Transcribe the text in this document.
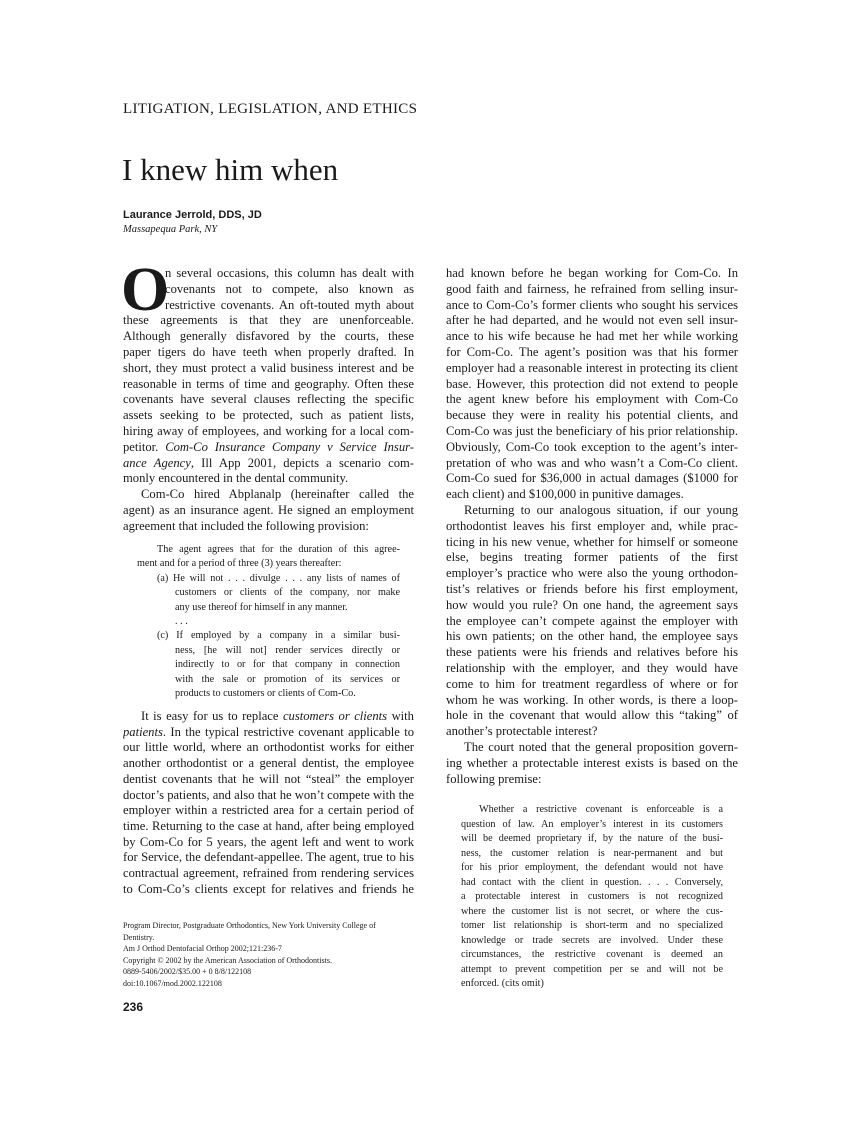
LITIGATION, LEGISLATION, AND ETHICS
I knew him when
Laurance Jerrold, DDS, JD
Massapequa Park, NY
O
n several occasions, this column has dealt with
covenants not to compete, also known as
restrictive covenants. An oft-touted myth about
these agreements is that they are unenforceable.
Although generally disfavored by the courts, these
paper tigers do have teeth when properly drafted. In
short, they must protect a valid business interest and be
reasonable in terms of time and geography. Often these
covenants have several clauses reflecting the specific
assets seeking to be protected, such as patient lists,
hiring away of employees, and working for a local com-
petitor. Com-Co Insurance Company v Service Insur-
ance Agency, Ill App 2001, depicts a scenario com-
monly encountered in the dental community.
Com-Co hired Abplanalp (hereinafter called the
agent) as an insurance agent. He signed an employment
agreement that included the following provision:
The agent agrees that for the duration of this agree-
ment and for a period of three (3) years thereafter:
(a) He will not . . . divulge . . . any lists of names of
customers or clients of the company, nor make
any use thereof for himself in any manner.
. . .
(c) If employed by a company in a similar busi-
ness, [he will not] render services directly or
indirectly to or for that company in connection
with the sale or promotion of its services or
products to customers or clients of Com-Co.
It is easy for us to replace customers or clients with
patients. In the typical restrictive covenant applicable to
our little world, where an orthodontist works for either
another orthodontist or a general dentist, the employee
dentist covenants that he will not “steal” the employer
doctor’s patients, and also that he won’t compete with the
employer within a restricted area for a certain period of
time. Returning to the case at hand, after being employed
by Com-Co for 5 years, the agent left and went to work
for Service, the defendant-appellee. The agent, true to his
contractual agreement, refrained from rendering services
to Com-Co’s clients except for relatives and friends he
Program Director, Postgraduate Orthodontics, New York University College of
Dentistry.
Am J Orthod Dentofacial Orthop 2002;121:236-7
Copyright © 2002 by the American Association of Orthodontists.
0889-5406/2002/$35.00 + 0 8/8/122108
doi:10.1067/mod.2002.122108
had known before he began working for Com-Co. In
good faith and fairness, he refrained from selling insur-
ance to Com-Co’s former clients who sought his services
after he had departed, and he would not even sell insur-
ance to his wife because he had met her while working
for Com-Co. The agent’s position was that his former
employer had a reasonable interest in protecting its client
base. However, this protection did not extend to people
the agent knew before his employment with Com-Co
because they were in reality his potential clients, and
Com-Co was just the beneficiary of his prior relationship.
Obviously, Com-Co took exception to the agent’s inter-
pretation of who was and who wasn’t a Com-Co client.
Com-Co sued for $36,000 in actual damages ($1000 for
each client) and $100,000 in punitive damages.
Returning to our analogous situation, if our young
orthodontist leaves his first employer and, while prac-
ticing in his new venue, whether for himself or someone
else, begins treating former patients of the first
employer’s practice who were also the young orthodon-
tist’s relatives or friends before his first employment,
how would you rule? On one hand, the agreement says
the employee can’t compete against the employer with
his own patients; on the other hand, the employee says
these patients were his friends and relatives before his
relationship with the employer, and they would have
come to him for treatment regardless of where or for
whom he was working. In other words, is there a loop-
hole in the covenant that would allow this “taking” of
another’s protectable interest?
The court noted that the general proposition govern-
ing whether a protectable interest exists is based on the
following premise:
Whether a restrictive covenant is enforceable is a
question of law. An employer’s interest in its customers
will be deemed proprietary if, by the nature of the busi-
ness, the customer relation is near-permanent and but
for his prior employment, the defendant would not have
had contact with the client in question. . . . Conversely,
a protectable interest in customers is not recognized
where the customer list is not secret, or where the cus-
tomer list relationship is short-term and no specialized
knowledge or trade secrets are involved. Under these
circumstances, the restrictive covenant is deemed an
attempt to prevent competition per se and will not be
enforced. (cits omit)
236
